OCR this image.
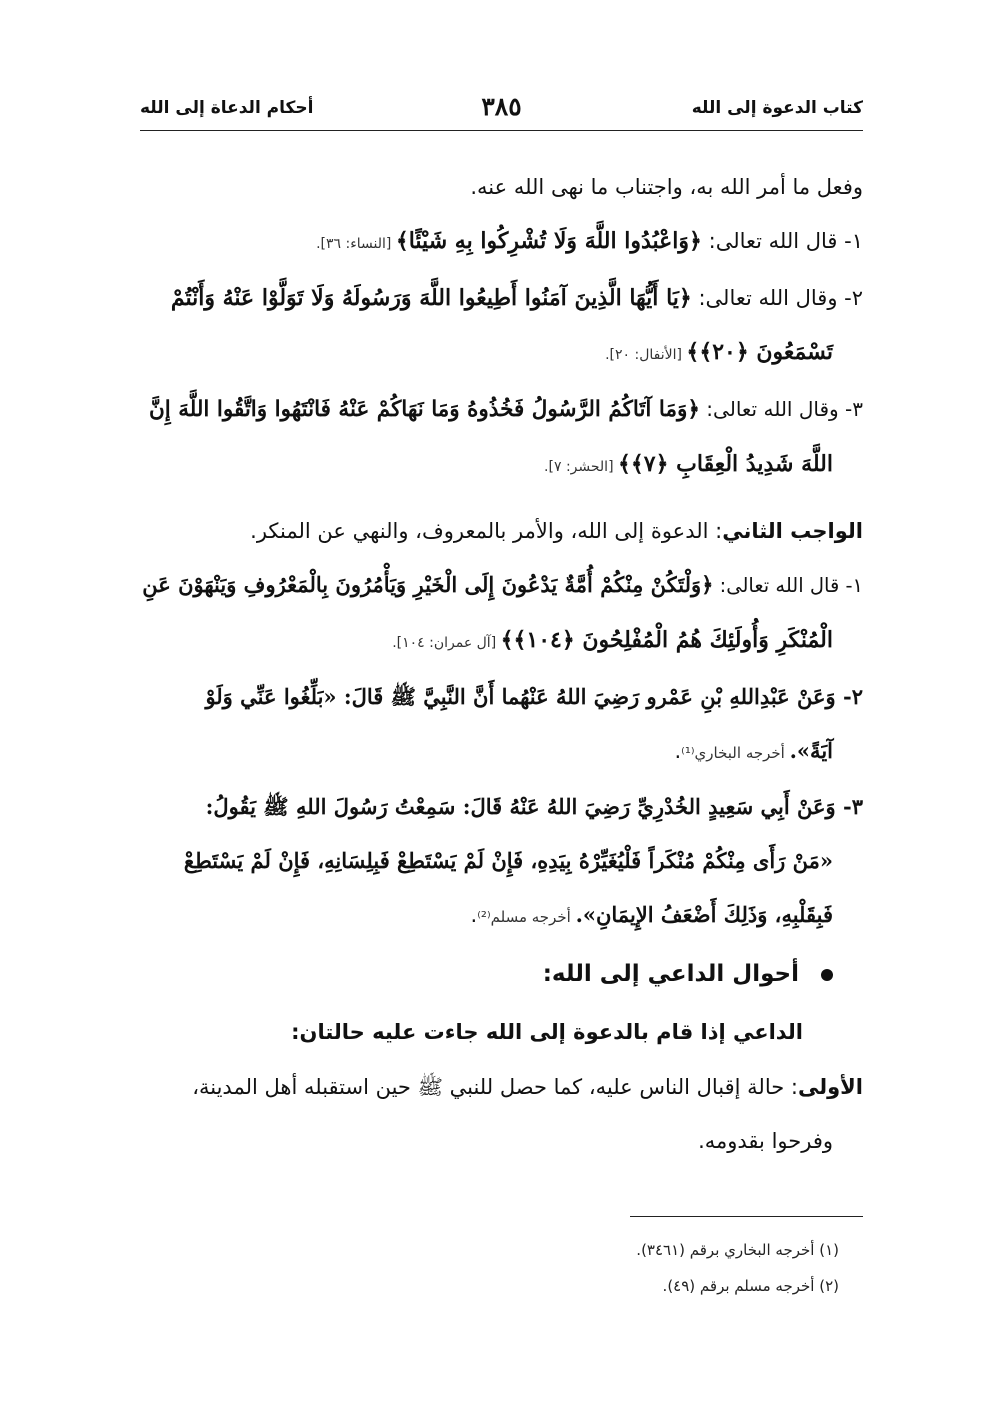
كتاب الدعوة إلى الله
٣٨٥
أحكام الدعاة إلى الله
وفعل ما أمر الله به، واجتناب ما نهى الله عنه.
١- قال الله تعالى: ﴿وَاعْبُدُوا اللَّهَ وَلَا تُشْرِكُوا بِهِ شَيْئًا﴾ [النساء: ٣٦].
٢- وقال الله تعالى: ﴿يَا أَيُّهَا الَّذِينَ آمَنُوا أَطِيعُوا اللَّهَ وَرَسُولَهُ وَلَا تَوَلَّوْا عَنْهُ وَأَنْتُمْ
تَسْمَعُونَ ﴿٢٠﴾﴾ [الأنفال: ٢٠].
٣- وقال الله تعالى: ﴿وَمَا آتَاكُمُ الرَّسُولُ فَخُذُوهُ وَمَا نَهَاكُمْ عَنْهُ فَانْتَهُوا وَاتَّقُوا اللَّهَ إِنَّ
اللَّهَ شَدِيدُ الْعِقَابِ ﴿٧﴾﴾ [الحشر: ٧].
الواجب الثاني: الدعوة إلى الله، والأمر بالمعروف، والنهي عن المنكر.
١- قال الله تعالى: ﴿وَلْتَكُنْ مِنْكُمْ أُمَّةٌ يَدْعُونَ إِلَى الْخَيْرِ وَيَأْمُرُونَ بِالْمَعْرُوفِ وَيَنْهَوْنَ عَنِ
الْمُنْكَرِ وَأُولَئِكَ هُمُ الْمُفْلِحُونَ ﴿١٠٤﴾﴾ [آل عمران: ١٠٤].
٢- وَعَنْ عَبْدِاللهِ بْنِ عَمْرو رَضِيَ اللهُ عَنْهُما أَنَّ النَّبِيَّ ﷺ قَالَ: «بَلِّغُوا عَنِّي وَلَوْ
آيَةً». أخرجه البخاري⁽¹⁾.
٣- وَعَنْ أَبِي سَعِيدٍ الخُدْرِيِّ رَضِيَ اللهُ عَنْهُ قَالَ: سَمِعْتُ رَسُولَ اللهِ ﷺ يَقُولُ:
«مَنْ رَأَى مِنْكُمْ مُنْكَراً فَلْيُغَيِّرْهُ بِيَدِهِ، فَإِنْ لَمْ يَسْتَطِعْ فَبِلِسَانِهِ، فَإِنْ لَمْ يَسْتَطِعْ
فَبِقَلْبِهِ، وَذَلِكَ أَضْعَفُ الإِيمَانِ». أخرجه مسلم⁽²⁾.
أحوال الداعي إلى الله:
الداعي إذا قام بالدعوة إلى الله جاءت عليه حالتان:
الأولى: حالة إقبال الناس عليه، كما حصل للنبي ﷺ حين استقبله أهل المدينة،
وفرحوا بقدومه.
(١) أخرجه البخاري برقم (٣٤٦١).
(٢) أخرجه مسلم برقم (٤٩).
